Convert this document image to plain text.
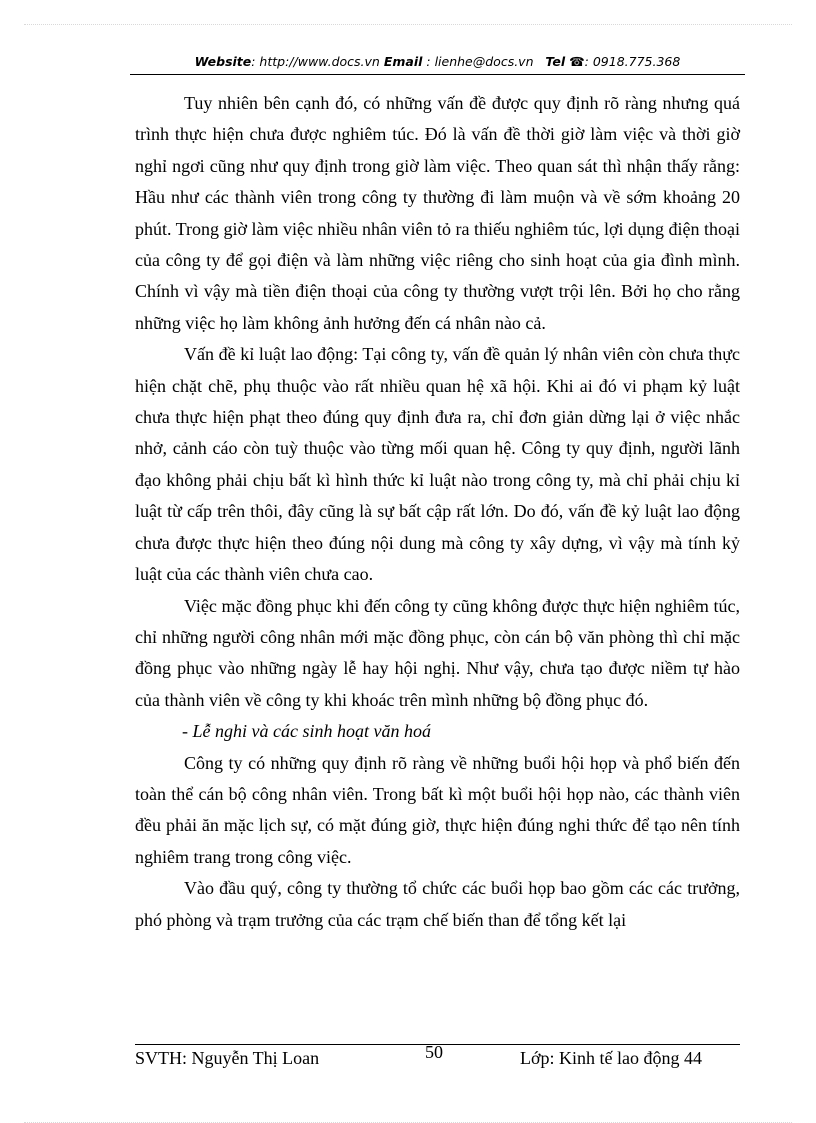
Website: http://www.docs.vn Email : lienhe@docs.vn Tel ☎: 0918.775.368

Tuy nhiên bên cạnh đó, có những vấn đề được quy định rõ ràng nhưng quá trình thực hiện chưa được nghiêm túc. Đó là vấn đề thời giờ làm việc và thời giờ nghỉ ngơi cũng như quy định trong giờ làm việc. Theo quan sát thì nhận thấy rằng: Hầu như các thành viên trong công ty thường đi làm muộn và về sớm khoảng 20 phút. Trong giờ làm việc nhiều nhân viên tỏ ra thiếu nghiêm túc, lợi dụng điện thoại của công ty để gọi điện và làm những việc riêng cho sinh hoạt của gia đình mình. Chính vì vậy mà tiền điện thoại của công ty thường vượt trội lên. Bởi họ cho rằng những việc họ làm không ảnh hưởng đến cá nhân nào cả.

Vấn đề kỉ luật lao động: Tại công ty, vấn đề quản lý nhân viên còn chưa thực hiện chặt chẽ, phụ thuộc vào rất nhiều quan hệ xã hội. Khi ai đó vi phạm kỷ luật chưa thực hiện phạt theo đúng quy định đưa ra, chỉ đơn giản dừng lại ở việc nhắc nhở, cảnh cáo còn tuỳ thuộc vào từng mối quan hệ. Công ty quy định, người lãnh đạo không phải chịu bất kì hình thức kỉ luật nào trong công ty, mà chỉ phải chịu kỉ luật từ cấp trên thôi, đây cũng là sự bất cập rất lớn. Do đó, vấn đề kỷ luật lao động chưa được thực hiện theo đúng nội dung mà công ty xây dựng, vì vậy mà tính kỷ luật của các thành viên chưa cao.

Việc mặc đồng phục khi đến công ty cũng không được thực hiện nghiêm túc, chỉ những người công nhân mới mặc đồng phục, còn cán bộ văn phòng thì chỉ mặc đồng phục vào những ngày lễ hay hội nghị. Như vậy, chưa tạo được niềm tự hào của thành viên về công ty khi khoác trên mình những bộ đồng phục đó.

- Lễ nghi và các sinh hoạt văn hoá

Công ty có những quy định rõ ràng về những buổi hội họp và phổ biến đến toàn thể cán bộ công nhân viên. Trong bất kì một buổi hội họp nào, các thành viên đều phải ăn mặc lịch sự, có mặt đúng giờ, thực hiện đúng nghi thức để tạo nên tính nghiêm trang trong công việc.

Vào đầu quý, công ty thường tổ chức các buổi họp bao gồm các các trưởng, phó phòng và trạm trưởng của các trạm chế biến than để tổng kết lại

SVTH: Nguyễn Thị Loan	50	Lớp: Kinh tế lao động 44
